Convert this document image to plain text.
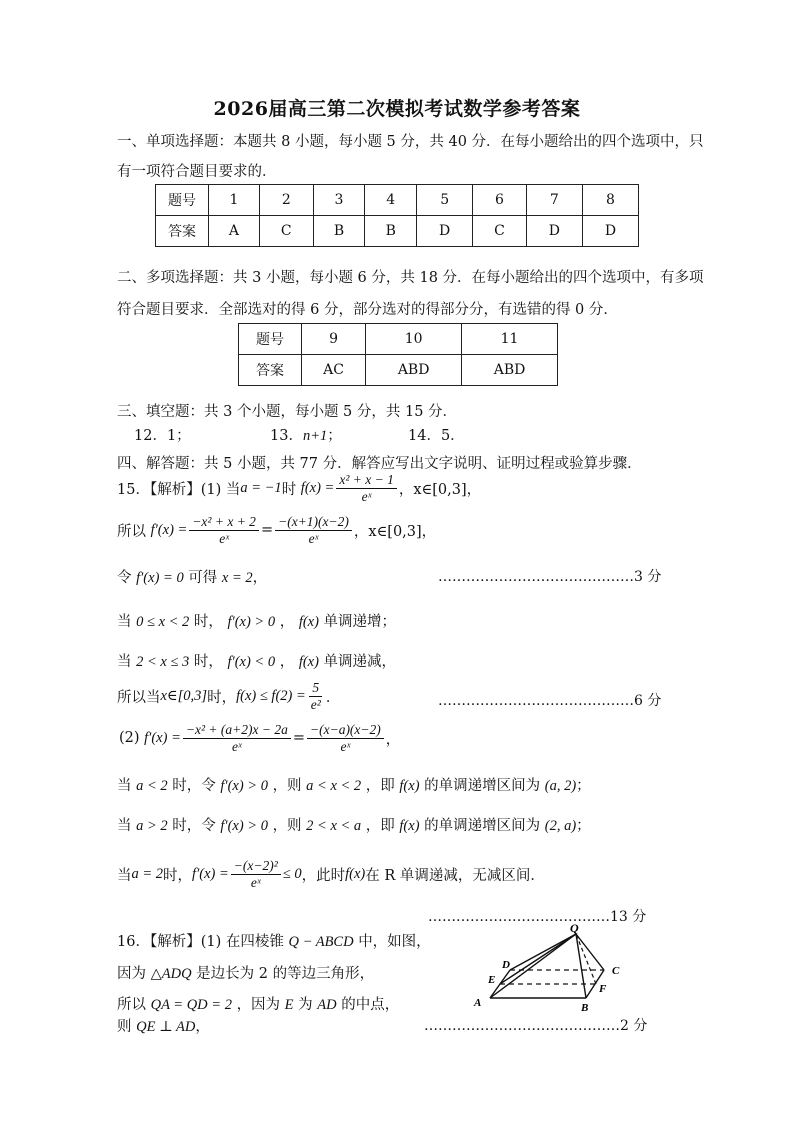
2026届高三第二次模拟考试数学参考答案
一、单项选择题：本题共 8 小题，每小题 5 分，共 40 分．在每小题给出的四个选项中，只
有一项符合题目要求的．
题号	1	2	3	4	5	6	7	8
答案	A	C	B	B	D	C	D	D
二、多项选择题：共 3 小题，每小题 6 分，共 18 分．在每小题给出的四个选项中，有多项
符合题目要求．全部选对的得 6 分，部分选对的得部分分，有选错的得 0 分．
题号	9	10	11
答案	AC	ABD	ABD
三、填空题：共 3 个小题，每小题 5 分，共 15 分．
12．1；	13．n+1；	14．5．
四、解答题：共 5 小题，共 77 分．解答应写出文字说明、证明过程或验算步骤．
15．【解析】(1) 当 a = −1 时
$f(x) = \frac{\text{x² + x − 1}}{\text{eˣ}}$ ，x∈[0,3]，
所以
$f'(x) = \frac{\text{−x² + x + 2}}{\text{eˣ}} = \frac{-(x+1)(x-2)}{\text{eˣ}}$ ，x∈[0,3]，
令 f′(x) = 0 可得 x = 2，	……………………………………3 分
当 0 ≤ x < 2 时， f′(x) > 0 ， f(x) 单调递增；
当 2 < x ≤ 3 时， f′(x) < 0 ， f(x) 单调递减，
所以当 x∈[0,3] 时， $f(x) \le f(2) = \frac{5}{\text{e²}}$ ．	……………………………………6 分
(2)
$f'(x) = \frac{\text{−x² + (a+2)x − 2a}}{\text{eˣ}} = \frac{-(x-a)(x-2)}{\text{eˣ}}$ ，
当 a < 2 时，令 f′(x) > 0 ，则 a < x < 2 ，即 f(x) 的单调递增区间为 (a, 2)；
当 a > 2 时，令 f′(x) > 0 ，则 2 < x < a ，即 f(x) 的单调递增区间为 (2, a)；
当 a = 2 时， $f'(x) = \frac{\text{−(x−2)²}}{\text{eˣ}} \le 0$ ，此时 f(x) 在 R 单调递减，无减区间．
…………………………………13 分
16．【解析】(1) 在四棱锥 Q − ABCD 中，如图，
因为 △ADQ 是边长为 2 的等边三角形，
所以 QA = QD = 2 ，因为 E 为 AD 的中点，
则 QE ⊥ AD，	……………………………………2 分
Q
D
E
A
C
F
B
